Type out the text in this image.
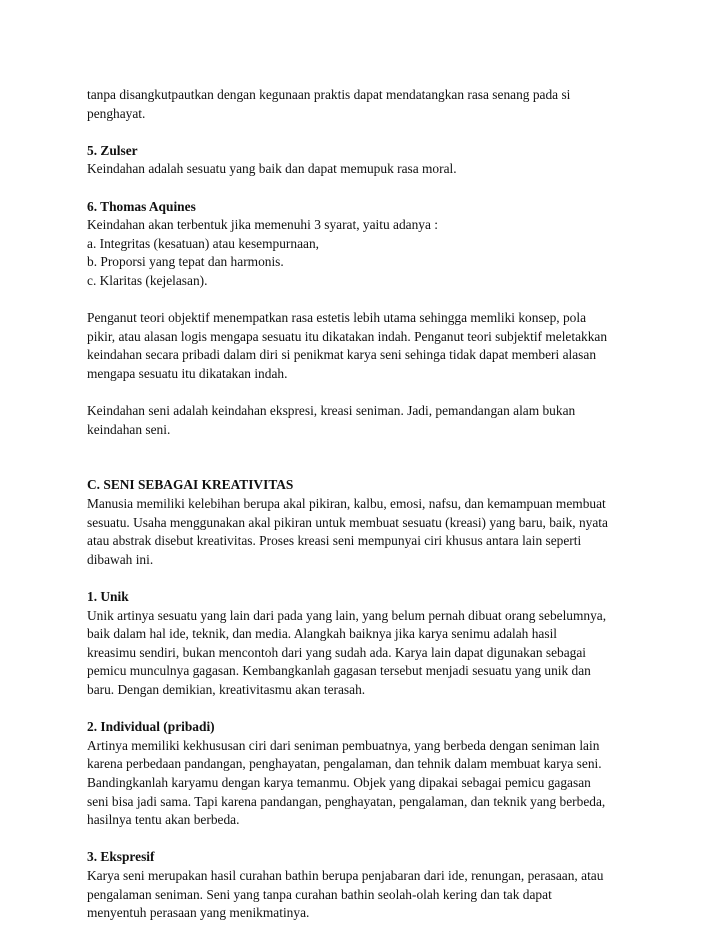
tanpa disangkutpautkan dengan kegunaan praktis dapat mendatangkan rasa senang pada si
penghayat.
5. Zulser
Keindahan adalah sesuatu yang baik dan dapat memupuk rasa moral.
6. Thomas Aquines
Keindahan akan terbentuk jika memenuhi 3 syarat, yaitu adanya :
a. Integritas (kesatuan) atau kesempurnaan,
b. Proporsi yang tepat dan harmonis.
c. Klaritas (kejelasan).
Penganut teori objektif menempatkan rasa estetis lebih utama sehingga memliki konsep, pola
pikir, atau alasan logis mengapa sesuatu itu dikatakan indah. Penganut teori subjektif meletakkan
keindahan secara pribadi dalam diri si penikmat karya seni sehinga tidak dapat memberi alasan
mengapa sesuatu itu dikatakan indah.
Keindahan seni adalah keindahan ekspresi, kreasi seniman. Jadi, pemandangan alam bukan
keindahan seni.
C. SENI SEBAGAI KREATIVITAS
Manusia memiliki kelebihan berupa akal pikiran, kalbu, emosi, nafsu, dan kemampuan membuat
sesuatu. Usaha menggunakan akal pikiran untuk membuat sesuatu (kreasi) yang baru, baik, nyata
atau abstrak disebut kreativitas. Proses kreasi seni mempunyai ciri khusus antara lain seperti
dibawah ini.
1. Unik
Unik artinya sesuatu yang lain dari pada yang lain, yang belum pernah dibuat orang sebelumnya,
baik dalam hal ide, teknik, dan media. Alangkah baiknya jika karya senimu adalah hasil
kreasimu sendiri, bukan mencontoh dari yang sudah ada. Karya lain dapat digunakan sebagai
pemicu munculnya gagasan. Kembangkanlah gagasan tersebut menjadi sesuatu yang unik dan
baru. Dengan demikian, kreativitasmu akan terasah.
2. Individual (pribadi)
Artinya memiliki kekhususan ciri dari seniman pembuatnya, yang berbeda dengan seniman lain
karena perbedaan pandangan, penghayatan, pengalaman, dan tehnik dalam membuat karya seni.
Bandingkanlah karyamu dengan karya temanmu. Objek yang dipakai sebagai pemicu gagasan
seni bisa jadi sama. Tapi karena pandangan, penghayatan, pengalaman, dan teknik yang berbeda,
hasilnya tentu akan berbeda.
3. Ekspresif
Karya seni merupakan hasil curahan bathin berupa penjabaran dari ide, renungan, perasaan, atau
pengalaman seniman. Seni yang tanpa curahan bathin seolah-olah kering dan tak dapat
menyentuh perasaan yang menikmatinya.
